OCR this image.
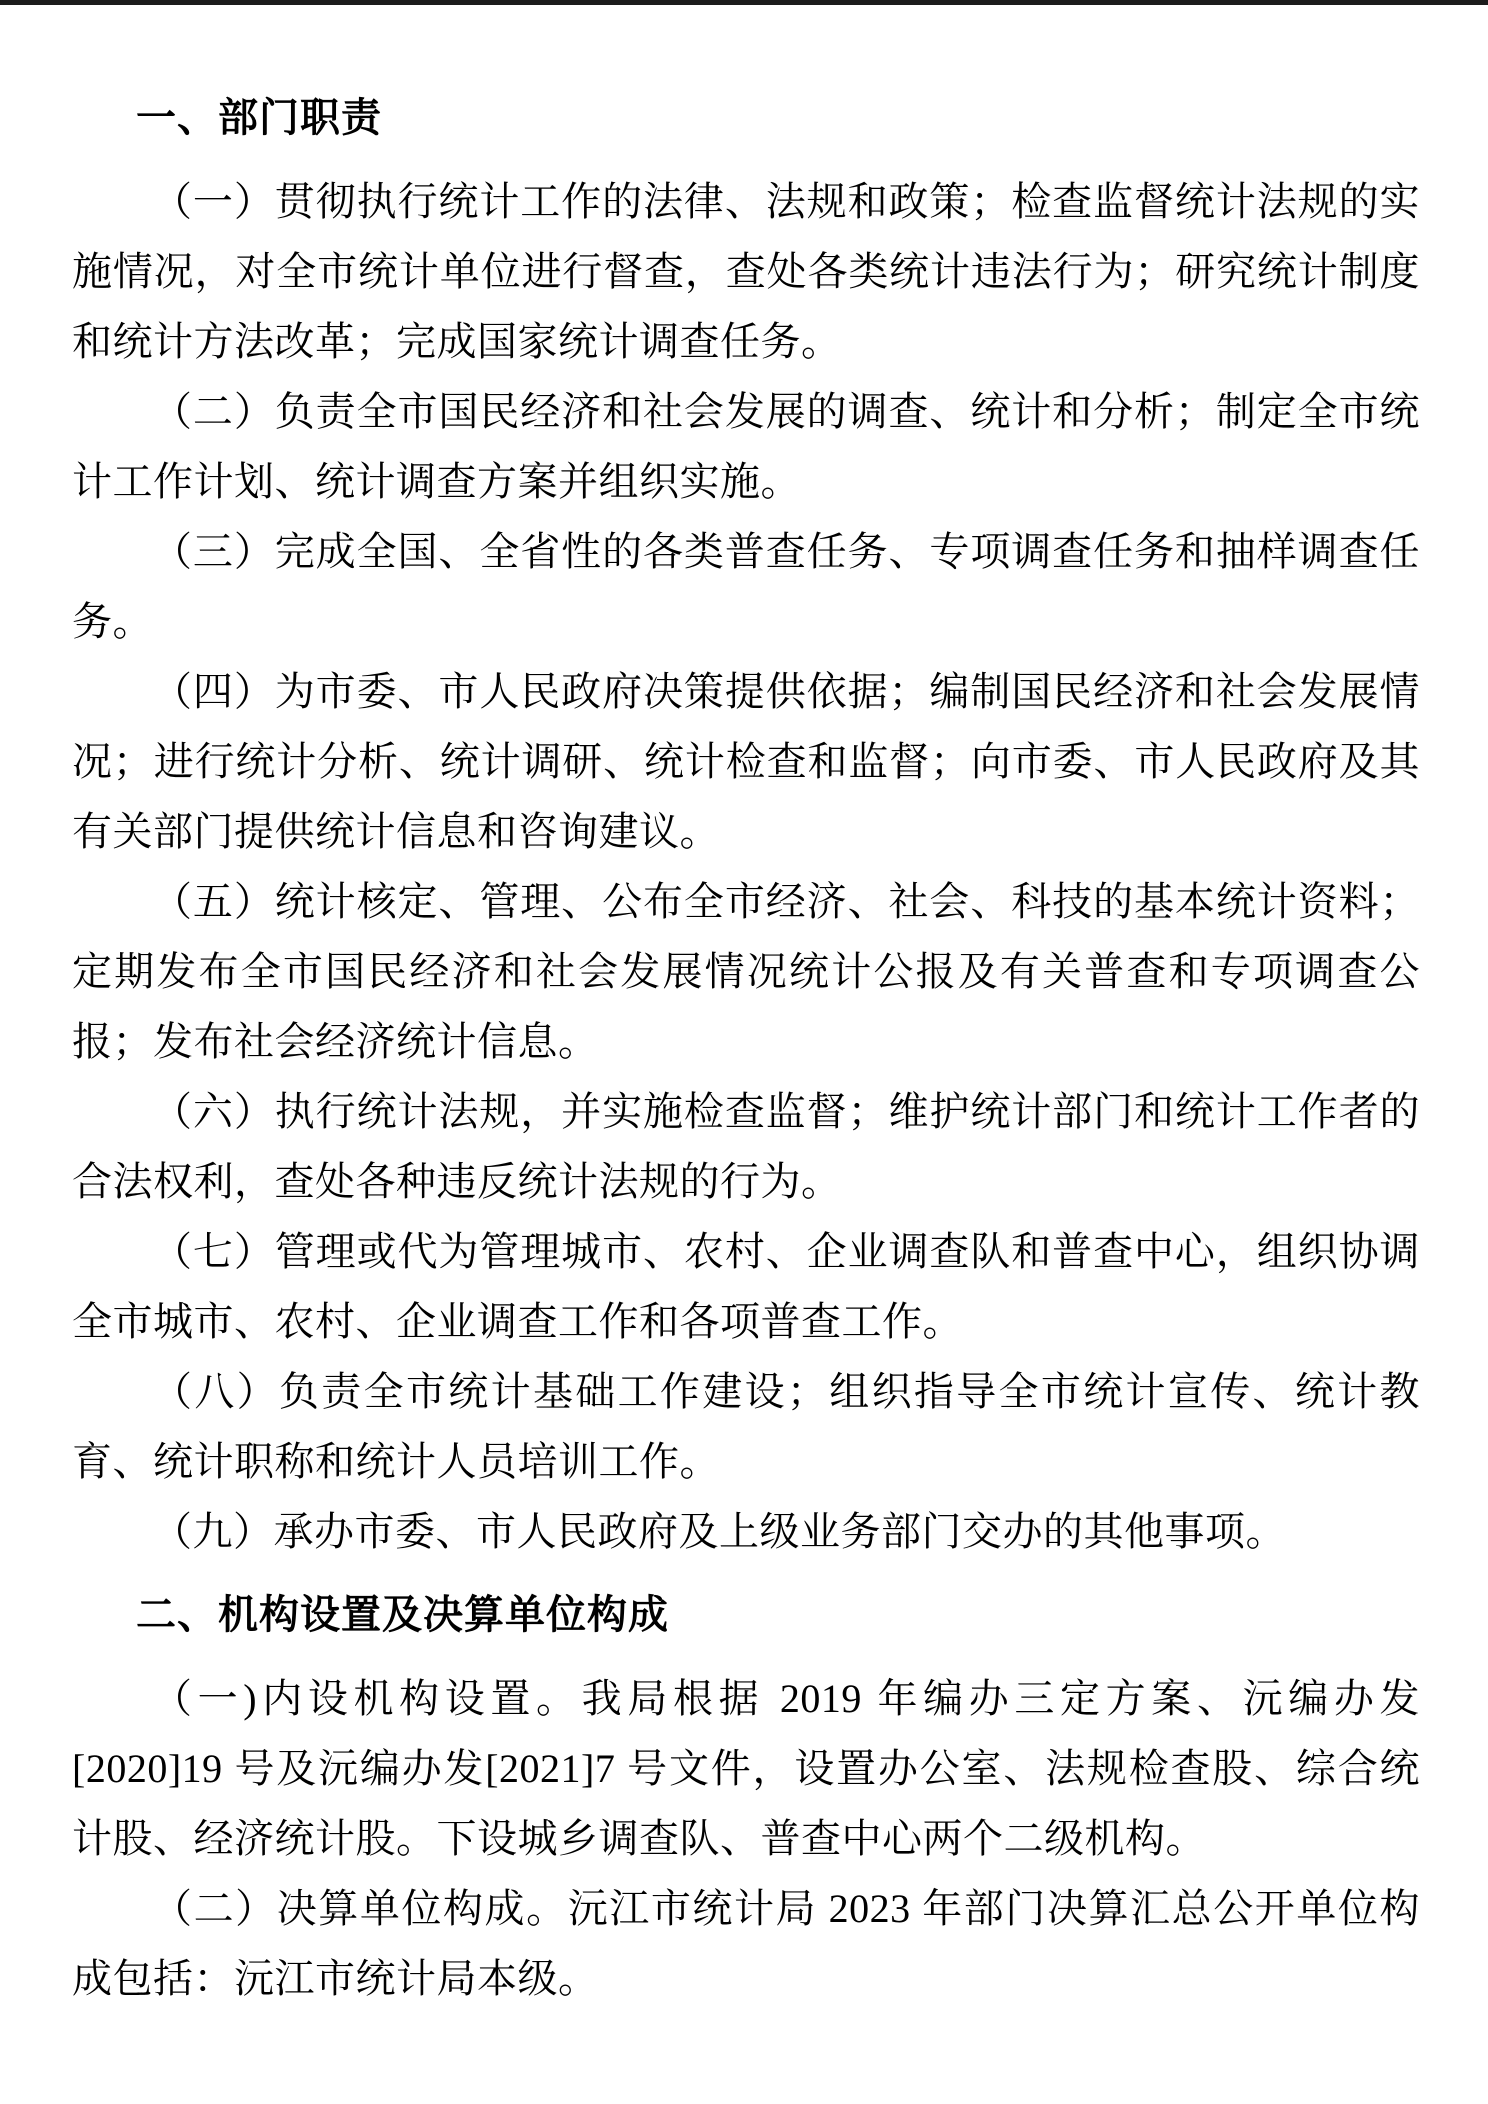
一、部门职责

（一）贯彻执行统计工作的法律、法规和政策；检查监督统计法规的实施情况，对全市统计单位进行督查，查处各类统计违法行为；研究统计制度和统计方法改革；完成国家统计调查任务。

（二）负责全市国民经济和社会发展的调查、统计和分析；制定全市统计工作计划、统计调查方案并组织实施。

（三）完成全国、全省性的各类普查任务、专项调查任务和抽样调查任务。

（四）为市委、市人民政府决策提供依据；编制国民经济和社会发展情况；进行统计分析、统计调研、统计检查和监督；向市委、市人民政府及其有关部门提供统计信息和咨询建议。

（五）统计核定、管理、公布全市经济、社会、科技的基本统计资料；定期发布全市国民经济和社会发展情况统计公报及有关普查和专项调查公报；发布社会经济统计信息。

（六）执行统计法规，并实施检查监督；维护统计部门和统计工作者的合法权利，查处各种违反统计法规的行为。

（七）管理或代为管理城市、农村、企业调查队和普查中心，组织协调全市城市、农村、企业调查工作和各项普查工作。

（八）负责全市统计基础工作建设；组织指导全市统计宣传、统计教育、统计职称和统计人员培训工作。

（九）承办市委、市人民政府及上级业务部门交办的其他事项。

二、机构设置及决算单位构成

（一)内设机构设置。我局根据 2019 年编办三定方案、沅编办发[2020]19 号及沅编办发[2021]7 号文件，设置办公室、法规检查股、综合统计股、经济统计股。下设城乡调查队、普查中心两个二级机构。

（二）决算单位构成。沅江市统计局 2023 年部门决算汇总公开单位构成包括：沅江市统计局本级。
